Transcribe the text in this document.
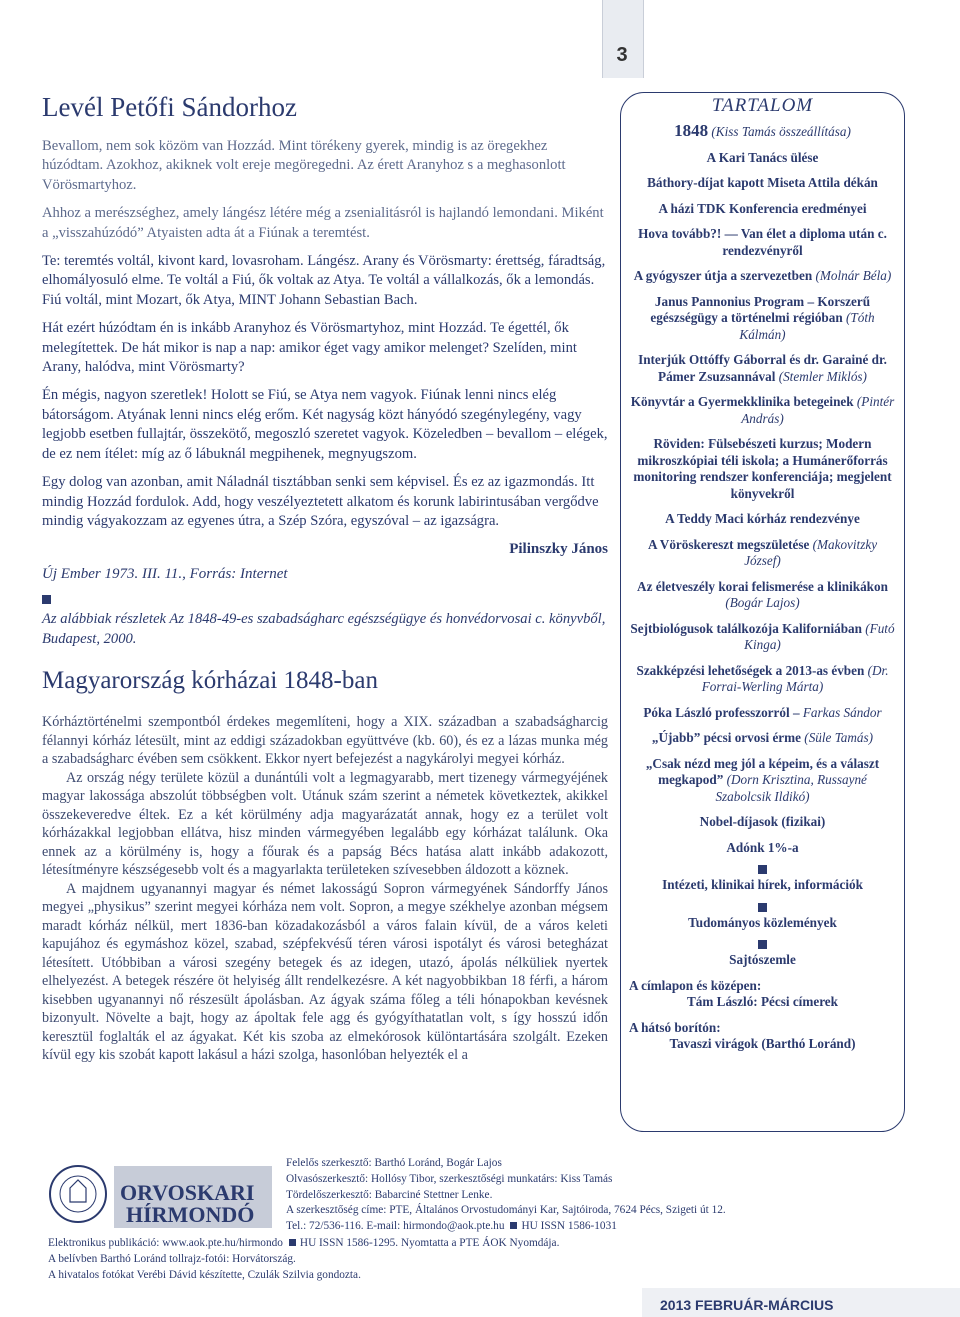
3
Levél Petőfi Sándorhoz

Bevallom, nem sok közöm van Hozzád. Mint törékeny gyerek, mindig is az öregekhez húzódtam. Azokhoz, akiknek volt ereje megöregedni. Az érett Aranyhoz s a meghasonlott Vörösmartyhoz.

Ahhoz a merészséghez, amely lángész létére még a zsenialitásról is hajlandó lemondani. Miként a „visszahúzódó” Atyaisten adta át a Fiúnak a teremtést.

Te: teremtés voltál, kivont kard, lovasroham. Lángész. Arany és Vörösmarty: érettség, fáradtság, elhomályosuló elme. Te voltál a Fiú, ők voltak az Atya. Te voltál a vállalkozás, ők a lemondás. Fiú voltál, mint Mozart, ők Atya, MINT Johann Sebastian Bach.

Hát ezért húzódtam én is inkább Aranyhoz és Vörösmartyhoz, mint Hozzád. Te égettél, ők melegítettek. De hát mikor is nap a nap: amikor éget vagy amikor melenget? Szelíden, mint Arany, halódva, mint Vörösmarty?

Én mégis, nagyon szeretlek! Holott se Fiú, se Atya nem vagyok. Fiúnak lenni nincs elég bátorságom. Atyának lenni nincs elég erőm. Két nagyság közt hányódó szegénylegény, vagy legjobb esetben fullajtár, összekötő, megoszló szeretet vagyok. Közeledben – bevallom – elégek, de ez nem ítélet: míg az ő lábuknál megpihenek, megnyugszom.

Egy dolog van azonban, amit Náladnál tisztábban senki sem képvisel. És ez az igazmondás. Itt mindig Hozzád fordulok. Add, hogy veszélyeztetett alkatom és korunk labirintusában vergődve mindig vágyakozzam az egyenes útra, a Szép Szóra, egyszóval – az igazságra.

Pilinszky János
Új Ember 1973. III. 11., Forrás: Internet
Az alábbiak részletek Az 1848-49-es szabadságharc egészségügye és honvédorvosai c. könyvből, Budapest, 2000.
Magyarország kórházai 1848-ban

Kórháztörténelmi szempontból érdekes megemlíteni, hogy a XIX. században a szabadságharcig félannyi kórház létesült, mint az eddigi századokban együttvéve (kb. 60), és ez a lázas munka még a szabadságharc évében sem csökkent. Ekkor nyert befejezést a nagykárolyi megyei kórház.

Az ország négy területe közül a dunántúli volt a legmagyarabb, mert tizenegy vármegyéjének magyar lakossága abszolút többségben volt. Utánuk szám szerint a németek következtek, akikkel összekeveredve éltek. Ez a két körülmény adja magyarázatát annak, hogy ez a terület volt kórházakkal legjobban ellátva, hisz minden vármegyében legalább egy kórházat találunk. Oka ennek az a körülmény is, hogy a főurak és a papság Bécs hatása alatt inkább adakozott, létesítményre készségesebb volt és a magyarlakta területeken szívesebben áldozott a köznek.

A majdnem ugyanannyi magyar és német lakosságú Sopron vármegyének Sándorffy János megyei „physikus” szerint megyei kórháza nem volt. Sopron, a megye székhelye azonban mégsem maradt kórház nélkül, mert 1836-ban közadakozásból a város falain kívül, de a város keleti kapujához és egymáshoz közel, szabad, szépfekvésű téren városi ispotályt és városi betegházat létesített. Utóbbiban a városi szegény betegek és az idegen, utazó, ápolás nélküliek nyertek elhelyezést. A betegek részére öt helyiség állt rendelkezésre. A két nagyobbikban 18 férfi, a három kisebben ugyanannyi nő részesült ápolásban. Az ágyak száma főleg a téli hónapokban kevésnek bizonyult. Növelte a bajt, hogy az ápoltak fele agg és gyógyíthatatlan volt, s így hosszú időn keresztül foglalták el az ágyakat. Két kis szoba az elmekórosok különtartására szolgált. Ezeken kívül egy kis szobát kapott lakásul a házi szolga, hasonlóban helyezték el a

TARTALOM
1848 (Kiss Tamás összeállítása)
A Kari Tanács ülése
Báthory-díjat kapott Miseta Attila dékán
A házi TDK Konferencia eredményei
Hova tovább?! — Van élet a diploma után c. rendezvényről
A gyógyszer útja a szervezetben (Molnár Béla)
Janus Pannonius Program – Korszerű egészségügy a történelmi régióban (Tóth Kálmán)
Interjúk Ottóffy Gáborral és dr. Garainé dr. Pámer Zsuzsannával (Stemler Miklós)
Könyvtár a Gyermekklinika betegeinek (Pintér András)
Röviden: Fülsebészeti kurzus; Modern mikroszkópiai téli iskola; a Humánerőforrás monitoring rendszer konferenciája; megjelent könyvekről
A Teddy Maci kórház rendezvénye
A Vöröskereszt megszületése (Makovitzky József)
Az életveszély korai felismerése a klinikákon (Bogár Lajos)
Sejtbiológusok találkozója Kaliforniában (Futó Kinga)
Szakképzési lehetőségek a 2013-as évben (Dr. Forrai-Werling Márta)
Póka László professzorról – Farkas Sándor
„Újabb” pécsi orvosi érme (Süle Tamás)
„Csak nézd meg jól a képeim, és a választ megkapod” (Dorn Krisztina, Russayné Szabolcsik Ildikó)
Nobel-díjasok (fizikai)
Adónk 1%-a
Intézeti, klinikai hírek, információk
Tudományos közlemények
Sajtószemle
A címlapon és középen:
Tám László: Pécsi címerek
A hátsó borítón:
Tavaszi virágok (Barthó Loránd)
ORVOSKARI
HÍRMONDÓ
Felelős szerkesztő: Barthó Loránd, Bogár Lajos
Olvasószerkesztő: Hollósy Tibor, szerkesztőségi munkatárs: Kiss Tamás
Tördelőszerkesztő: Babarciné Stettner Lenke.
A szerkesztőség címe: PTE, Általános Orvostudományi Kar, Sajtóiroda, 7624 Pécs, Szigeti út 12.
Tel.: 72/536-116. E-mail: hirmondo@aok.pte.hu HU ISSN 1586-1031
Elektronikus publikáció: www.aok.pte.hu/hirmondo HU ISSN 1586-1295. Nyomtatta a PTE ÁOK Nyomdája.
A belívben Barthó Loránd tollrajz-fotói: Horvátország.
A hivatalos fotókat Verébi Dávid készítette, Czulák Szilvia gondozta.
2013 FEBRUÁR-MÁRCIUS
